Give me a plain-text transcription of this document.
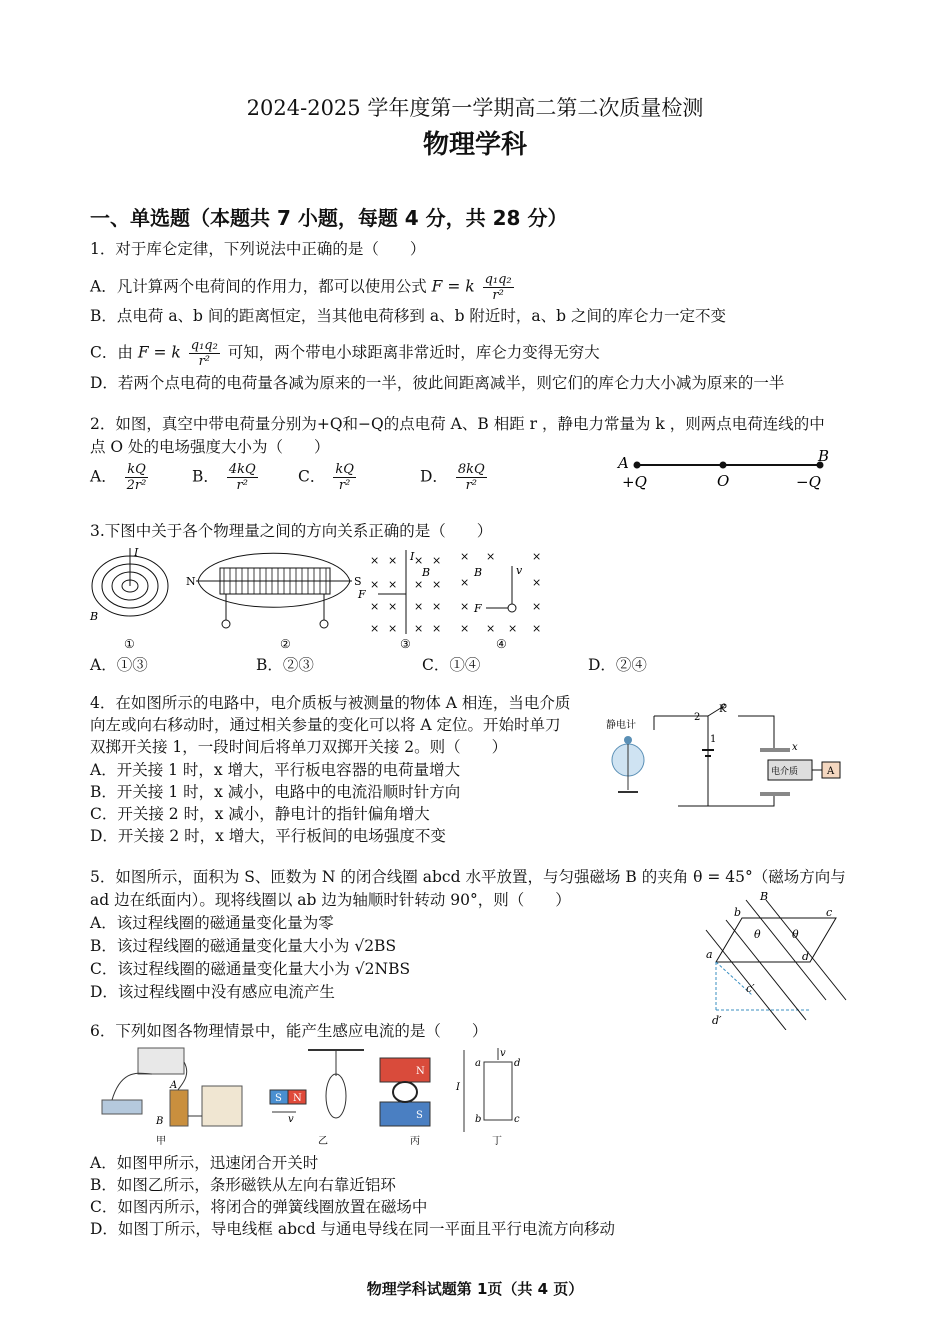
2024-2025 学年度第一学期高二第二次质量检测
物理学科
一、单选题（本题共 7 小题，每题 4 分，共 28 分）
1．对于库仑定律，下列说法中正确的是（　　）
A．凡计算两个电荷间的作用力，都可以使用公式 F = k $\frac{\text{q₁q₂}}{\text{r²}}$
B．点电荷 a、b 间的距离恒定，当其他电荷移到 a、b 附近时，a、b 之间的库仑力一定不变
C．由 F = k $\frac{\text{q₁q₂}}{\text{r²}}$ 可知，两个带电小球距离非常近时，库仑力变得无穷大
D．若两个点电荷的电荷量各减为原来的一半，彼此间距离减半，则它们的库仑力大小减为原来的一半
2．如图，真空中带电荷量分别为+Q和−Q的点电荷 A、B 相距 r ，静电力常量为 k ，则两点电荷连线的中
点 O 处的电场强度大小为（　　）
A． $\frac{kQ}{\text{2r²}}$	B． $\frac{4kQ}{\text{r²}}$	C． $\frac{kQ}{\text{r²}}$	D． $\frac{8kQ}{\text{r²}}$	A	B
+Q	O	−Q
3.下图中关于各个物理量之间的方向关系正确的是（　　）
I
B
①
N	S
②
× × × ×
× × × ×
× × × ×
× × × ×
I
B
F
③
× ×	×
×	×
×	×
× × × ×
B	v
F
④
A．①③	B．②③	C．①④	D．②④
4．在如图所示的电路中，电介质板与被测量的物体 A 相连，当电介质
向左或向右移动时，通过相关参量的变化可以将 A 定位。开始时单刀
双掷开关接 1，一段时间后将单刀双掷开关接 2。则（　　）
A．开关接 1 时，x 增大，平行板电容器的电荷量增大
B．开关接 1 时，x 减小，电路中的电流沿顺时针方向
C．开关接 2 时，x 减小，静电计的指针偏角增大
D．开关接 2 时，x 增大，平行板间的电场强度不变
静电计
电介质	A
K
1
2
x
5．如图所示，面积为 S、匝数为 N 的闭合线圈 abcd 水平放置，与匀强磁场 B 的夹角 θ = 45°（磁场方向与
ad 边在纸面内）。现将线圈以 ab 边为轴顺时针转动 90°，则（　　）
A．该过程线圈的磁通量变化量为零
B．该过程线圈的磁通量变化量大小为 √2BS
C．该过程线圈的磁通量变化量大小为 √2NBS
D．该过程线圈中没有感应电流产生
B
a
b	c
d
c′
d′
θ	θ
6．下列如图各物理情景中，能产生感应电流的是（　　）
A
B
甲
S N
v
乙
N
S
丙
I
v
a
b	c
d
丁
A．如图甲所示，迅速闭合开关时
B．如图乙所示，条形磁铁从左向右靠近铝环
C．如图丙所示，将闭合的弹簧线圈放置在磁场中
D．如图丁所示，导电线框 abcd 与通电导线在同一平面且平行电流方向移动
物理学科试题第 1页（共 4 页）
